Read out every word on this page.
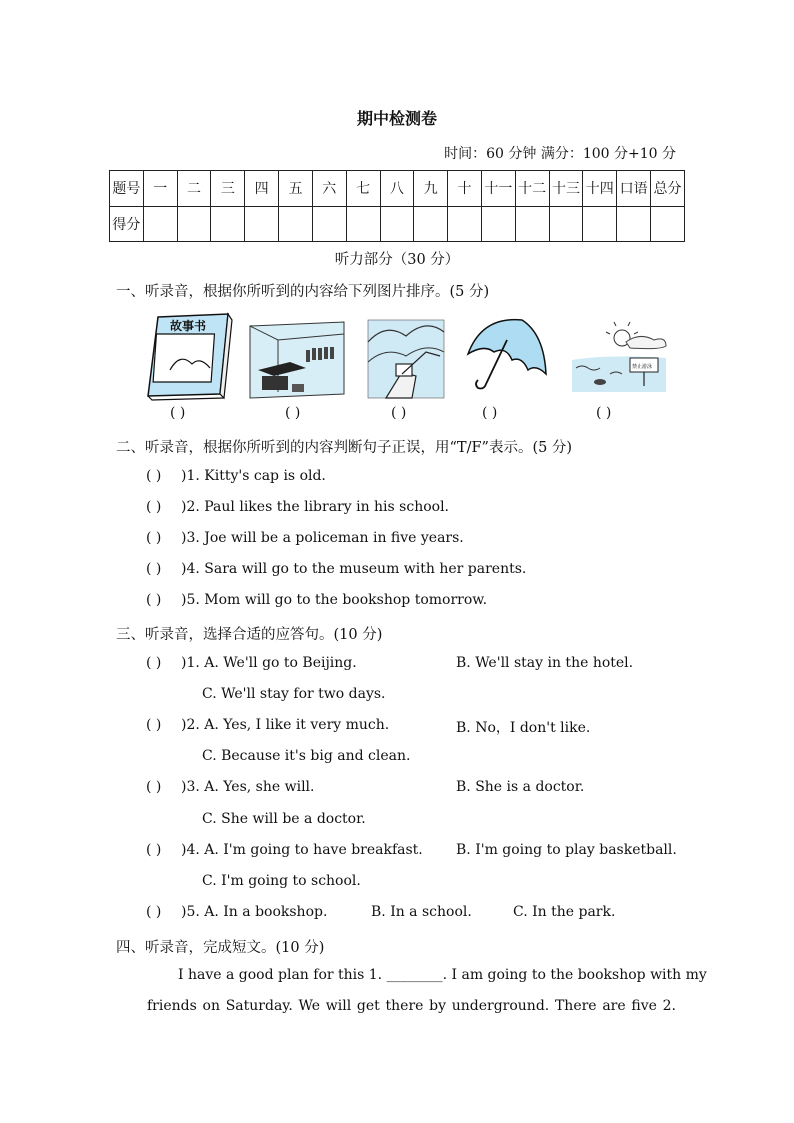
期中检测卷
时间：60 分钟 满分：100 分+10 分
题号	一	二	三	四	五	六	七	八	九	十	十一	十二	十三	十四	口语	总分
得分																
听力部分（30 分）
一、听录音，根据你所听到的内容给下列图片排序。(5 分)
故事书
禁止游泳
( )	( )	( )	( )	( )
二、听录音，根据你所听到的内容判断句子正误，用“T/F”表示。(5 分)
( ) )1. Kitty's cap is old.
( ) )2. Paul likes the library in his school.
( ) )3. Joe will be a policeman in five years.
( ) )4. Sara will go to the museum with her parents.
( ) )5. Mom will go to the bookshop tomorrow.
三、听录音，选择合适的应答句。(10 分)
( ) )1. A. We'll go to Beijing.	B. We'll stay in the hotel.
C. We'll stay for two days.
( ) )2. A. Yes, I like it very much.	B. No，I don't like.
C. Because it's big and clean.
( ) )3. A. Yes, she will.	B. She is a doctor.
C. She will be a doctor.
( ) )4. A. I'm going to have breakfast. B. I'm going to play basketball.
C. I'm going to school.
( ) )5. A. In a bookshop.	B. In a school.	C. In the park.
四、听录音，完成短文。(10 分)
I have a good plan for this 1. ________. I am going to the bookshop with my
friends on Saturday. We will get there by underground. There are five 2.
